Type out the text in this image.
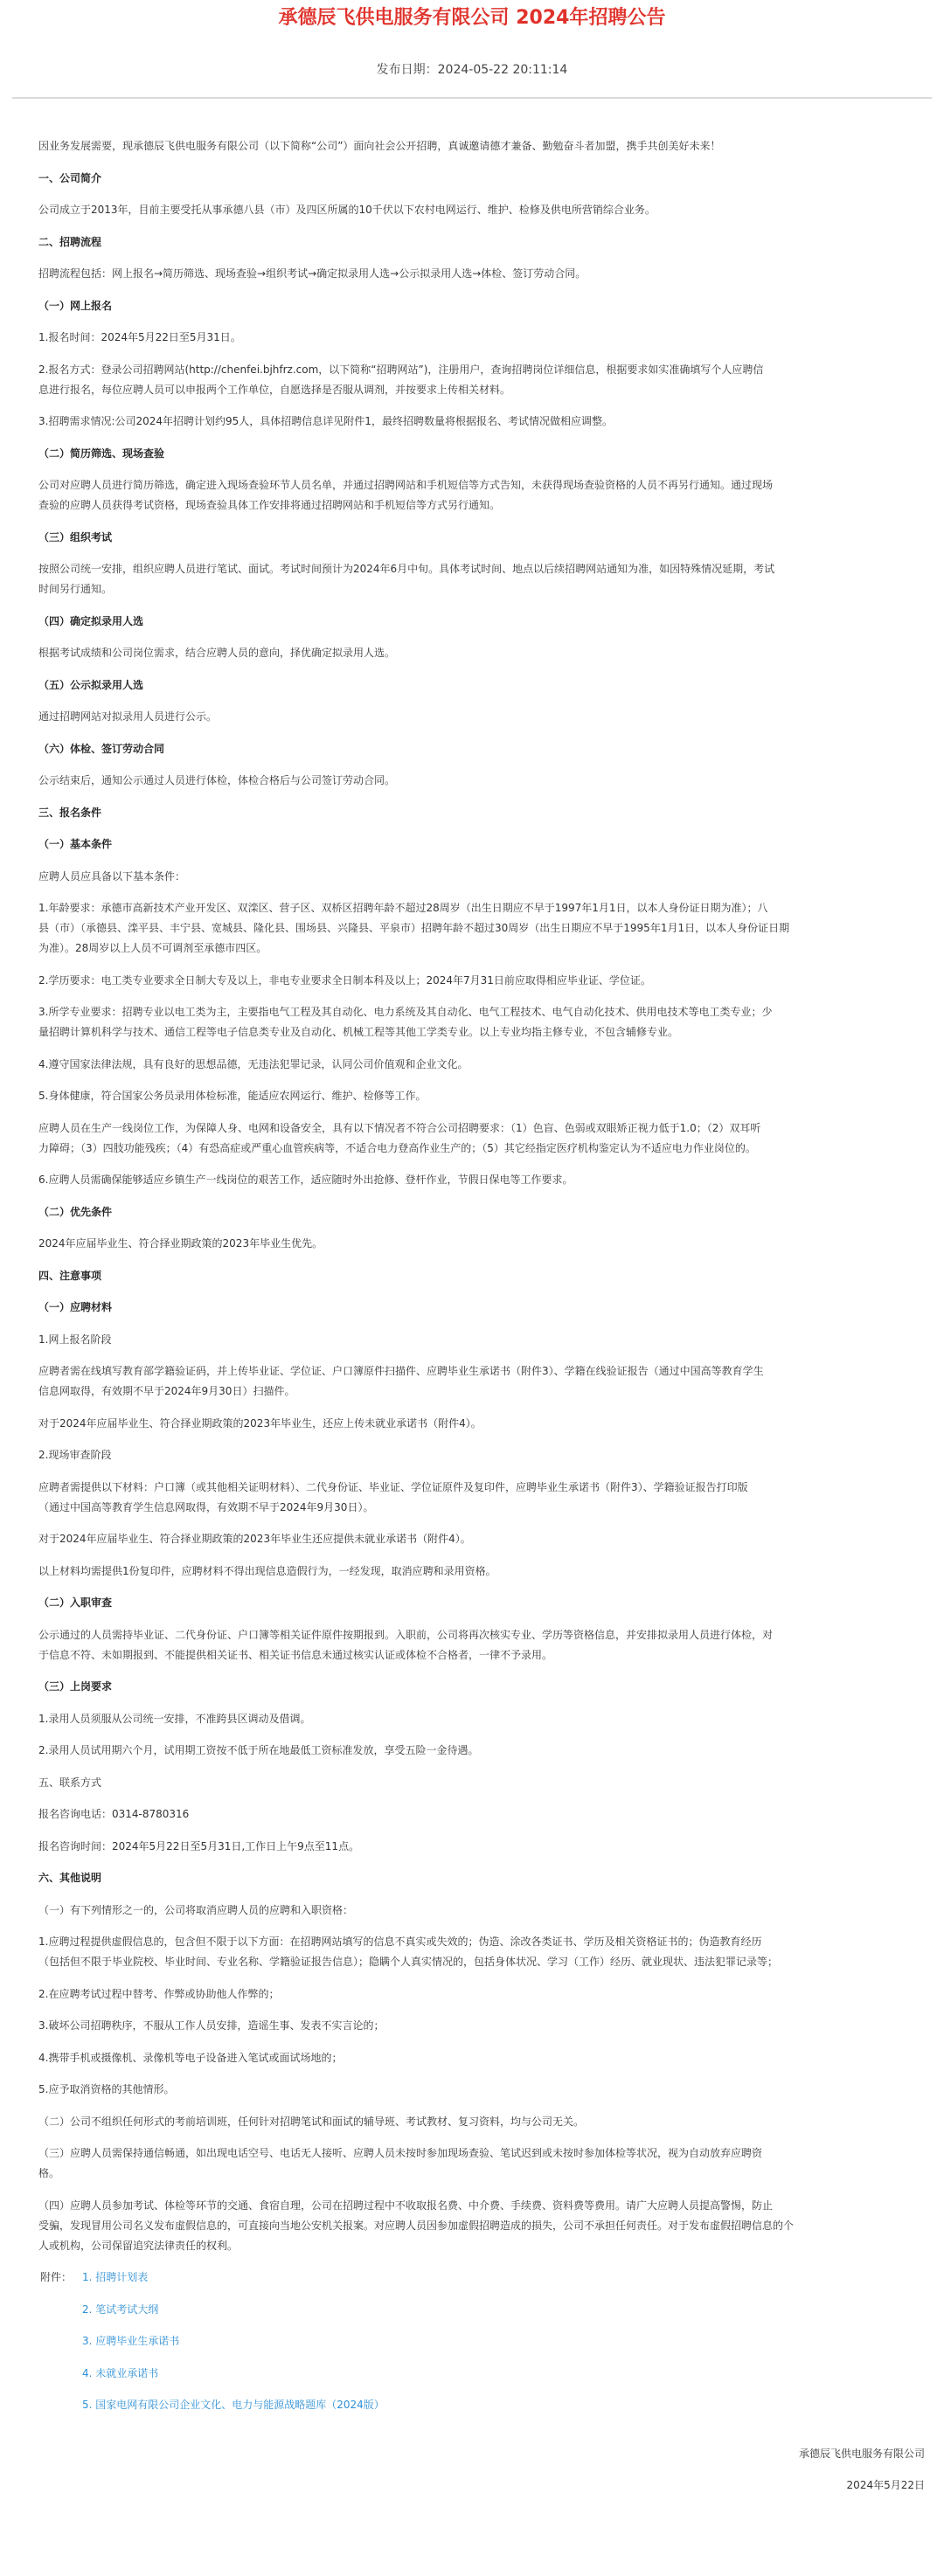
承德辰飞供电服务有限公司 2024年招聘公告
发布日期：2024-05-22 20:11:14
因业务发展需要，现承德辰飞供电服务有限公司（以下简称“公司”）面向社会公开招聘，真诚邀请德才兼备、勤勉奋斗者加盟，携手共创美好未来！
一、公司简介
公司成立于2013年，目前主要受托从事承德八县（市）及四区所属的10千伏以下农村电网运行、维护、检修及供电所营销综合业务。
二、招聘流程
招聘流程包括：网上报名→简历筛选、现场查验→组织考试→确定拟录用人选→公示拟录用人选→体检、签订劳动合同。
（一）网上报名
1.报名时间：2024年5月22日至5月31日。
2.报名方式：登录公司招聘网站(http://chenfei.bjhfrz.com，以下简称“招聘网站”)，注册用户，查询招聘岗位详细信息，根据要求如实准确填写个人应聘信
息进行报名，每位应聘人员可以申报两个工作单位，自愿选择是否服从调剂，并按要求上传相关材料。
3.招聘需求情况:公司2024年招聘计划约95人，具体招聘信息详见附件1，最终招聘数量将根据报名、考试情况做相应调整。
（二）简历筛选、现场查验
公司对应聘人员进行简历筛选，确定进入现场查验环节人员名单，并通过招聘网站和手机短信等方式告知，未获得现场查验资格的人员不再另行通知。通过现场
查验的应聘人员获得考试资格，现场查验具体工作安排将通过招聘网站和手机短信等方式另行通知。
（三）组织考试
按照公司统一安排，组织应聘人员进行笔试、面试。考试时间预计为2024年6月中旬。具体考试时间、地点以后续招聘网站通知为准，如因特殊情况延期，考试
时间另行通知。
（四）确定拟录用人选
根据考试成绩和公司岗位需求，结合应聘人员的意向，择优确定拟录用人选。
（五）公示拟录用人选
通过招聘网站对拟录用人员进行公示。
（六）体检、签订劳动合同
公示结束后，通知公示通过人员进行体检，体检合格后与公司签订劳动合同。
三、报名条件
（一）基本条件
应聘人员应具备以下基本条件：
1.年龄要求：承德市高新技术产业开发区、双滦区、营子区、双桥区招聘年龄不超过28周岁（出生日期应不早于1997年1月1日，以本人身份证日期为准）；八
县（市）（承德县、滦平县、丰宁县、宽城县、隆化县、围场县、兴隆县、平泉市）招聘年龄不超过30周岁（出生日期应不早于1995年1月1日，以本人身份证日期
为准）。28周岁以上人员不可调剂至承德市四区。
2.学历要求：电工类专业要求全日制大专及以上，非电专业要求全日制本科及以上；2024年7月31日前应取得相应毕业证、学位证。
3.所学专业要求：招聘专业以电工类为主，主要指电气工程及其自动化、电力系统及其自动化、电气工程技术、电气自动化技术、供用电技术等电工类专业；少
量招聘计算机科学与技术、通信工程等电子信息类专业及自动化、机械工程等其他工学类专业。以上专业均指主修专业，不包含辅修专业。
4.遵守国家法律法规，具有良好的思想品德，无违法犯罪记录，认同公司价值观和企业文化。
5.身体健康，符合国家公务员录用体检标准，能适应农网运行、维护、检修等工作。
应聘人员在生产一线岗位工作，为保障人身、电网和设备安全，具有以下情况者不符合公司招聘要求：（1）色盲、色弱或双眼矫正视力低于1.0；（2）双耳听
力障碍；（3）四肢功能残疾；（4）有恐高症或严重心血管疾病等，不适合电力登高作业生产的；（5）其它经指定医疗机构鉴定认为不适应电力作业岗位的。
6.应聘人员需确保能够适应乡镇生产一线岗位的艰苦工作，适应随时外出抢修、登杆作业，节假日保电等工作要求。
（二）优先条件
2024年应届毕业生、符合择业期政策的2023年毕业生优先。
四、注意事项
（一）应聘材料
1.网上报名阶段
应聘者需在线填写教育部学籍验证码，并上传毕业证、学位证、户口簿原件扫描件、应聘毕业生承诺书（附件3）、学籍在线验证报告（通过中国高等教育学生
信息网取得，有效期不早于2024年9月30日）扫描件。
对于2024年应届毕业生、符合择业期政策的2023年毕业生，还应上传未就业承诺书（附件4）。
2.现场审查阶段
应聘者需提供以下材料：户口簿（或其他相关证明材料）、二代身份证、毕业证、学位证原件及复印件，应聘毕业生承诺书（附件3）、学籍验证报告打印版
（通过中国高等教育学生信息网取得，有效期不早于2024年9月30日）。
对于2024年应届毕业生、符合择业期政策的2023年毕业生还应提供未就业承诺书（附件4）。
以上材料均需提供1份复印件，应聘材料不得出现信息造假行为，一经发现，取消应聘和录用资格。
（二）入职审查
公示通过的人员需持毕业证、二代身份证、户口簿等相关证件原件按期报到。入职前，公司将再次核实专业、学历等资格信息，并安排拟录用人员进行体检，对
于信息不符、未如期报到、不能提供相关证书、相关证书信息未通过核实认证或体检不合格者，一律不予录用。
（三）上岗要求
1.录用人员须服从公司统一安排，不准跨县区调动及借调。
2.录用人员试用期六个月，试用期工资按不低于所在地最低工资标准发放，享受五险一金待遇。
五、联系方式
报名咨询电话：0314-8780316
报名咨询时间：2024年5月22日至5月31日,工作日上午9点至11点。
六、其他说明
（一）有下列情形之一的，公司将取消应聘人员的应聘和入职资格：
1.应聘过程提供虚假信息的，包含但不限于以下方面：在招聘网站填写的信息不真实或失效的；伪造、涂改各类证书、学历及相关资格证书的；伪造教育经历
（包括但不限于毕业院校、毕业时间、专业名称、学籍验证报告信息）；隐瞒个人真实情况的，包括身体状况、学习（工作）经历、就业现状、违法犯罪记录等；
2.在应聘考试过程中替考、作弊或协助他人作弊的；
3.破坏公司招聘秩序，不服从工作人员安排，造谣生事、发表不实言论的；
4.携带手机或摄像机、录像机等电子设备进入笔试或面试场地的；
5.应予取消资格的其他情形。
（二）公司不组织任何形式的考前培训班，任何针对招聘笔试和面试的辅导班、考试教材、复习资料，均与公司无关。
（三）应聘人员需保持通信畅通，如出现电话空号、电话无人接听、应聘人员未按时参加现场查验、笔试迟到或未按时参加体检等状况，视为自动放弃应聘资
格。
（四）应聘人员参加考试、体检等环节的交通、食宿自理，公司在招聘过程中不收取报名费、中介费、手续费、资料费等费用。请广大应聘人员提高警惕，防止
受骗，发现冒用公司名义发布虚假信息的，可直接向当地公安机关报案。对应聘人员因参加虚假招聘造成的损失，公司不承担任何责任。对于发布虚假招聘信息的个
人或机构，公司保留追究法律责任的权利。
附件： 1. 招聘计划表
2. 笔试考试大纲
3. 应聘毕业生承诺书
4. 未就业承诺书
5. 国家电网有限公司企业文化、电力与能源战略题库（2024版）
承德辰飞供电服务有限公司
2024年5月22日
